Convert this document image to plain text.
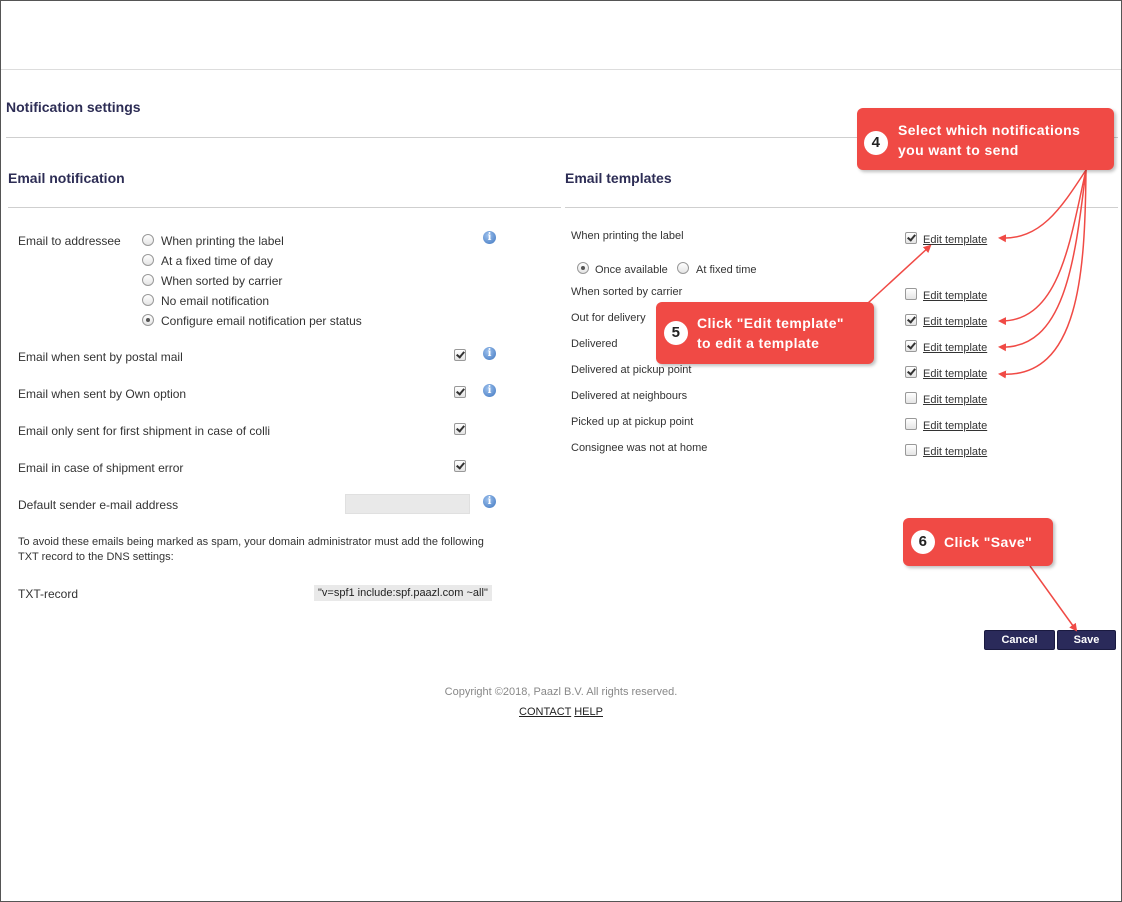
Notification settings
Email notification
Email to addressee	When printing the label
At a fixed time of day
When sorted by carrier
No email notification
Configure email notification per status
i
Email when sent by postal mail	i
Email when sent by Own option	i
Email only sent for first shipment in case of colli
Email in case of shipment error
Default sender e-mail address	i
To avoid these emails being marked as spam, your domain administrator must add the following
TXT record to the DNS settings:
TXT-record	"v=spf1 include:spf.paazl.com ~all"
Email templates
When printing the label	Edit template
Once available	At fixed time
When sorted by carrier	Edit template
Out for delivery	Edit template
Delivered	Edit template
Delivered at pickup point	Edit template
Delivered at neighbours	Edit template
Picked up at pickup point	Edit template
Consignee was not at home	Edit template
Cancel	Save
Copyright ©2018, Paazl B.V. All rights reserved.
CONTACT HELP
4
Select which notifications
you want to send
5
Click "Edit template"
to edit a template
6	Click "Save"
